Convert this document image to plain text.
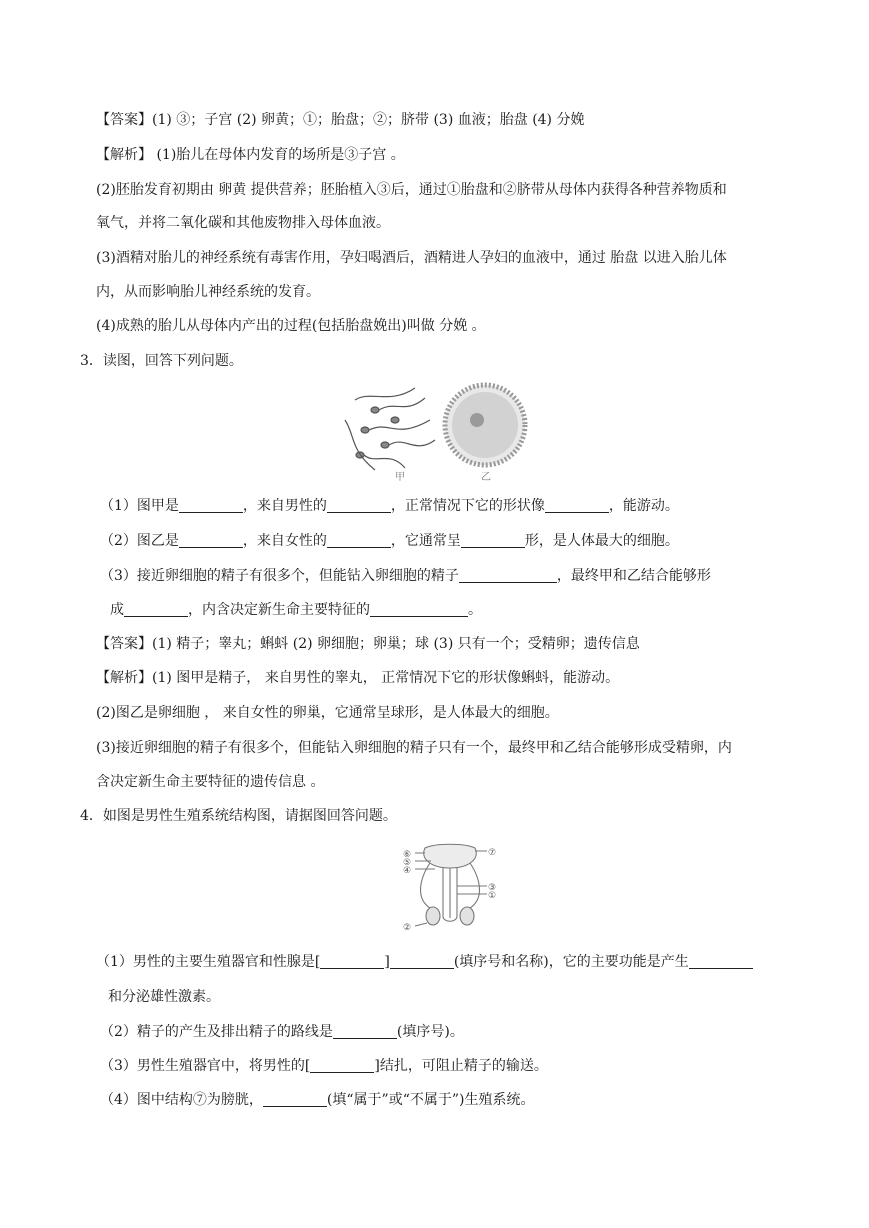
【答案】(1) ③；子宫 (2) 卵黄；①；胎盘；②；脐带 (3) 血液；胎盘 (4) 分娩
【解析】 (1)胎儿在母体内发育的场所是③子宫 。
(2)胚胎发育初期由 卵黄 提供营养；胚胎植入③后，通过①胎盘和②脐带从母体内获得各种营养物质和
氧气，并将二氧化碳和其他废物排入母体血液。
(3)酒精对胎儿的神经系统有毒害作用，孕妇喝酒后，酒精进人孕妇的血液中，通过 胎盘 以进入胎儿体
内，从而影响胎儿神经系统的发育。
(4)成熟的胎儿从母体内产出的过程(包括胎盘娩出)叫做 分娩 。
3．读图，回答下列问题。
甲	乙
（1）图甲是	，来自男性的	，正常情况下它的形状像	，能游动。
（2）图乙是	，来自女性的	，它通常呈	形，是人体最大的细胞。
（3）接近卵细胞的精子有很多个，但能钻入卵细胞的精子	，最终甲和乙结合能够形
成	，内含决定新生命主要特征的	。
【答案】(1) 精子；睾丸；蝌蚪 (2) 卵细胞；卵巢；球 (3) 只有一个；受精卵；遗传信息
【解析】(1) 图甲是精子， 来自男性的睾丸， 正常情况下它的形状像蝌蚪，能游动。
(2)图乙是卵细胞 ， 来自女性的卵巢，它通常呈球形，是人体最大的细胞。
(3)接近卵细胞的精子有很多个，但能钻入卵细胞的精子只有一个，最终甲和乙结合能够形成受精卵，内
含决定新生命主要特征的遗传信息 。
4．如图是男性生殖系统结构图，请据图回答问题。
⑥
⑤
④
②
⑦
③
①
（1）男性的主要生殖器官和性腺是[	]	(填序号和名称)，它的主要功能是产生
和分泌雄性激素。
（2）精子的产生及排出精子的路线是	(填序号)。
（3）男性生殖器官中，将男性的[	]结扎，可阻止精子的输送。
（4）图中结构⑦为膀胱，	(填“属于”或“不属于”)生殖系统。
